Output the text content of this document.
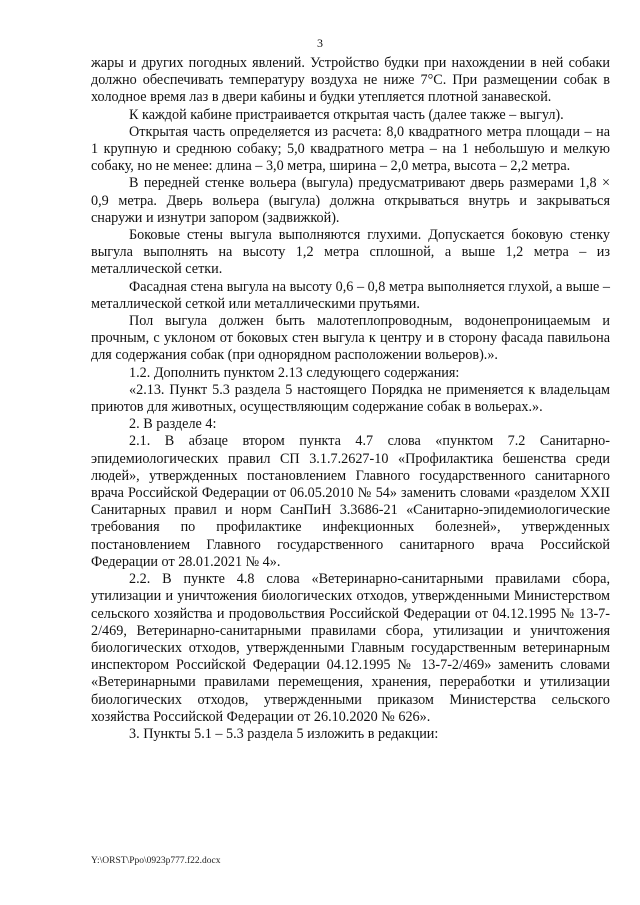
3

жары и других погодных явлений. Устройство будки при нахождении в ней собаки должно обеспечивать температуру воздуха не ниже 7°С. При размещении собак в холодное время лаз в двери кабины и будки утепляется плотной занавеской.

К каждой кабине пристраивается открытая часть (далее также – выгул).

Открытая часть определяется из расчета: 8,0 квадратного метра площади – на 1 крупную и среднюю собаку; 5,0 квадратного метра – на 1 небольшую и мелкую собаку, но не менее: длина – 3,0 метра, ширина – 2,0 метра, высота – 2,2 метра.

В передней стенке вольера (выгула) предусматривают дверь размерами 1,8 × 0,9 метра. Дверь вольера (выгула) должна открываться внутрь и закрываться снаружи и изнутри запором (задвижкой).

Боковые стены выгула выполняются глухими. Допускается боковую стенку выгула выполнять на высоту 1,2 метра сплошной, а выше 1,2 метра – из металлической сетки.

Фасадная стена выгула на высоту 0,6 – 0,8 метра выполняется глухой, а выше – металлической сеткой или металлическими прутьями.

Пол выгула должен быть малотеплопроводным, водонепроницаемым и прочным, с уклоном от боковых стен выгула к центру и в сторону фасада павильона для содержания собак (при однорядном расположении вольеров).».

1.2. Дополнить пунктом 2.13 следующего содержания:

«2.13. Пункт 5.3 раздела 5 настоящего Порядка не применяется к владельцам приютов для животных, осуществляющим содержание собак в вольерах.».

2. В разделе 4:

2.1. В абзаце втором пункта 4.7 слова «пунктом 7.2 Санитарно-эпидемиологических правил СП 3.1.7.2627-10 «Профилактика бешенства среди людей», утвержденных постановлением Главного государственного санитарного врача Российской Федерации от 06.05.2010 № 54» заменить словами «разделом XXII Санитарных правил и норм СанПиН 3.3686-21 «Санитарно-эпидемиологические требования по профилактике инфекционных болезней», утвержденных постановлением Главного государственного санитарного врача Российской Федерации от 28.01.2021 № 4».

2.2. В пункте 4.8 слова «Ветеринарно-санитарными правилами сбора, утилизации и уничтожения биологических отходов, утвержденными Министерством сельского хозяйства и продовольствия Российской Федерации от 04.12.1995 № 13-7-2/469, Ветеринарно-санитарными правилами сбора, утилизации и уничтожения биологических отходов, утвержденными Главным государственным ветеринарным инспектором Российской Федерации 04.12.1995 № 13-7-2/469» заменить словами «Ветеринарными правилами перемещения, хранения, переработки и утилизации биологических отходов, утвержденными приказом Министерства сельского хозяйства Российской Федерации от 26.10.2020 № 626».

3. Пункты 5.1 – 5.3 раздела 5 изложить в редакции:

Y:\ORST\Ppo\0923p777.f22.docx
